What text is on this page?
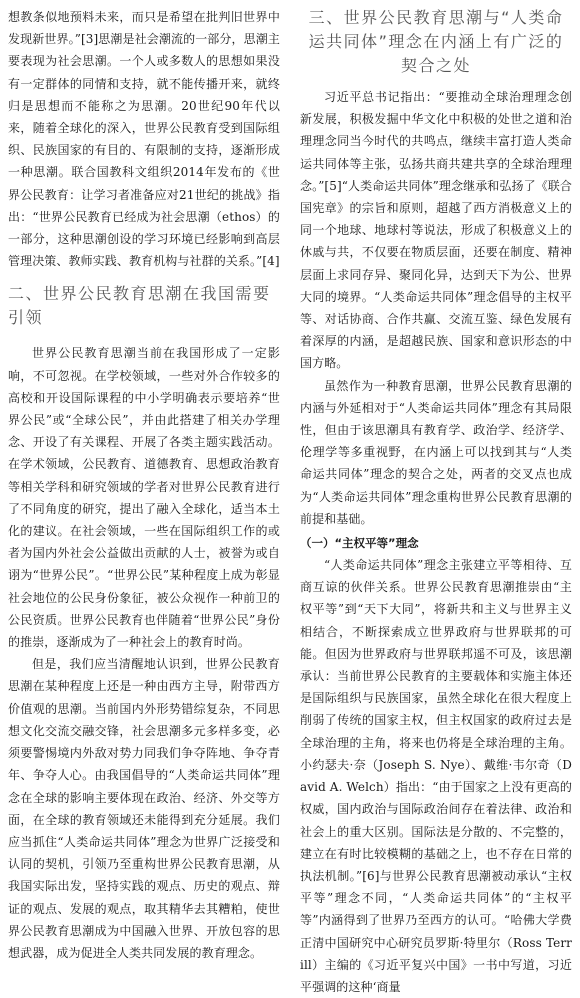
想教条似地预料未来，而只是希望在批判旧世界中发现新世界。”[3]思潮是社会潮流的一部分，思潮主要表现为社会思潮。一个人或多数人的思想如果没有一定群体的同情和支持，就不能传播开来，就终归是思想而不能称之为思潮。20世纪90年代以来，随着全球化的深入，世界公民教育受到国际组织、民族国家的有目的、有限制的支持，逐渐形成一种思潮。联合国教科文组织2014年发布的《世界公民教育：让学习者准备应对21世纪的挑战》指出：“世界公民教育已经成为社会思潮（ethos）的一部分，这种思潮创设的学习环境已经影响到高层管理决策、教师实践、教育机构与社群的关系。”[4]

二、世界公民教育思潮在我国需要引领

世界公民教育思潮当前在我国形成了一定影响，不可忽视。在学校领域，一些对外合作较多的高校和开设国际课程的中小学明确表示要培养“世界公民”或“全球公民”，并由此搭建了相关办学理念、开设了有关课程、开展了各类主题实践活动。在学术领域，公民教育、道德教育、思想政治教育等相关学科和研究领域的学者对世界公民教育进行了不同角度的研究，提出了融入全球化，适当本土化的建议。在社会领域，一些在国际组织工作的或者为国内外社会公益做出贡献的人士，被誉为或自诩为“世界公民”。“世界公民”某种程度上成为彰显社会地位的公民身份象征，被公众视作一种前卫的公民资质。世界公民教育也伴随着“世界公民”身份的推崇，逐渐成为了一种社会上的教育时尚。

但是，我们应当清醒地认识到，世界公民教育思潮在某种程度上还是一种由西方主导，附带西方价值观的思潮。当前国内外形势错综复杂，不同思想文化交流交融交锋，社会思潮多元多样多变，必须要警惕境内外敌对势力同我们争夺阵地、争夺青年、争夺人心。由我国倡导的“人类命运共同体”理念在全球的影响主要体现在政治、经济、外交等方面，在全球的教育领域还未能得到充分延展。我们应当抓住“人类命运共同体”理念为世界广泛接受和认同的契机，引领乃至重构世界公民教育思潮，从我国实际出发，坚持实践的观点、历史的观点、辩证的观点、发展的观点，取其精华去其糟粕，使世界公民教育思潮成为中国融入世界、开放包容的思想武器，成为促进全人类共同发展的教育理念。

三、世界公民教育思潮与“人类命运共同体”理念在内涵上有广泛的契合之处

习近平总书记指出：“要推动全球治理理念创新发展，积极发掘中华文化中积极的处世之道和治理理念同当今时代的共鸣点，继续丰富打造人类命运共同体等主张，弘扬共商共建共享的全球治理理念。”[5]“人类命运共同体”理念继承和弘扬了《联合国宪章》的宗旨和原则，超越了西方消极意义上的同一个地球、地球村等说法，形成了积极意义上的休戚与共，不仅要在物质层面，还要在制度、精神层面上求同存异、聚同化异，达到天下为公、世界大同的境界。“人类命运共同体”理念倡导的主权平等、对话协商、合作共赢、交流互鉴、绿色发展有着深厚的内涵，是超越民族、国家和意识形态的中国方略。

虽然作为一种教育思潮，世界公民教育思潮的内涵与外延相对于“人类命运共同体”理念有其局限性，但由于该思潮具有教育学、政治学、经济学、伦理学等多重视野，在内涵上可以找到其与“人类命运共同体”理念的契合之处，两者的交叉点也成为“人类命运共同体”理念重构世界公民教育思潮的前提和基础。

（一）“主权平等”理念

“人类命运共同体”理念主张建立平等相待、互商互谅的伙伴关系。世界公民教育思潮推崇由“主权平等”到“天下大同”，将新共和主义与世界主义相结合，不断探索成立世界政府与世界联邦的可能。但因为世界政府与世界联邦遥不可及，该思潮承认：当前世界公民教育的主要载体和实施主体还是国际组织与民族国家，虽然全球化在很大程度上削弱了传统的国家主权，但主权国家的政府过去是全球治理的主角，将来也仍将是全球治理的主角。小约瑟夫·奈（Joseph S. Nye）、戴维·韦尔奇（David A. Welch）指出：“由于国家之上没有更高的权威，国内政治与国际政治间存在着法律、政治和社会上的重大区别。国际法是分散的、不完整的，建立在有时比较模糊的基础之上，也不存在日常的执法机制。”[6]与世界公民教育思潮被动承认“主权平等”理念不同，“人类命运共同体”的“主权平等”内涵得到了世界乃至西方的认可。“哈佛大学费正清中国研究中心研究员罗斯·特里尔（Ross Terrill）主编的《习近平复兴中国》一书中写道，习近平强调的这种‘商量
